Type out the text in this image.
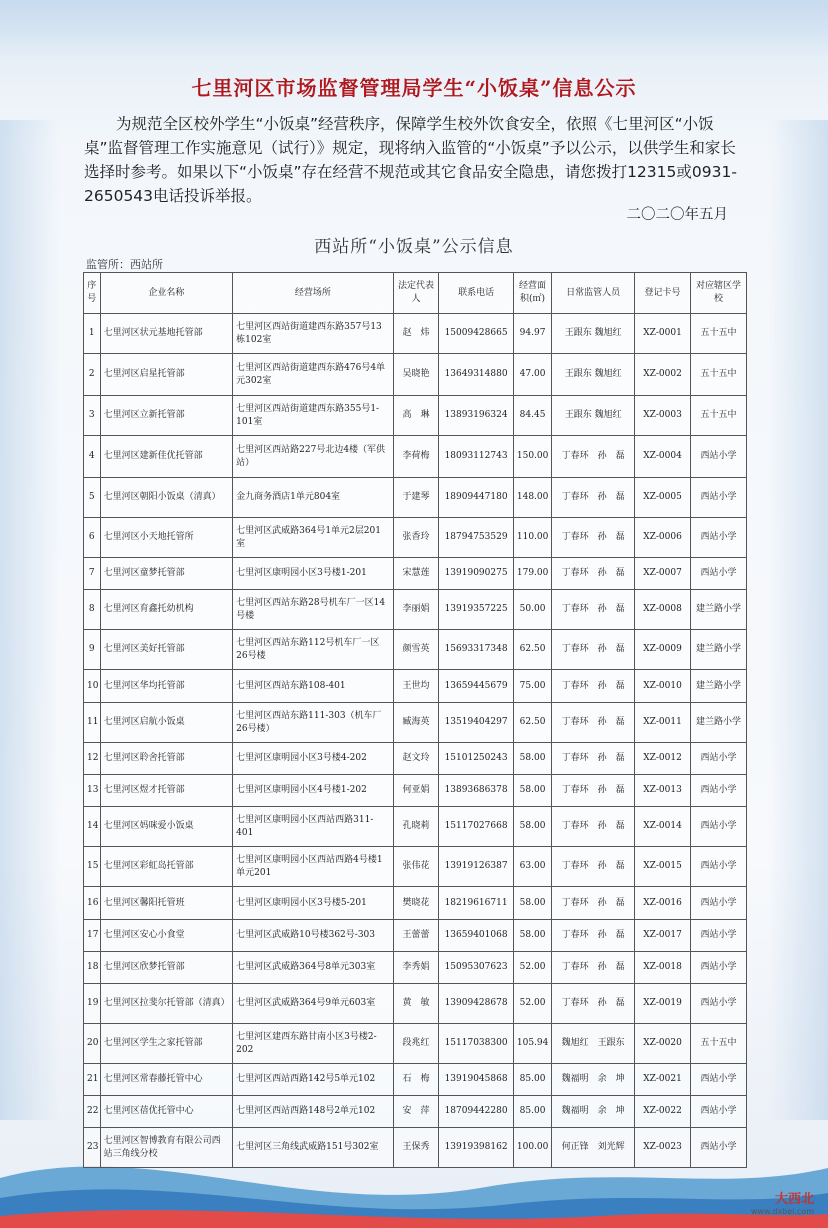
七里河区市场监督管理局学生“小饭桌”信息公示
为规范全区校外学生“小饭桌”经营秩序，保障学生校外饮食安全，依照《七里河区“小饭桌”监督管理工作实施意见（试行）》规定，现将纳入监管的“小饭桌”予以公示，以供学生和家长选择时参考。如果以下“小饭桌”存在经营不规范或其它食品安全隐患，请您拨打12315或0931-2650543电话投诉举报。
二〇二〇年五月
西站所“小饭桌”公示信息
监管所：西站所
序号	企业名称	经营场所	法定代表人	联系电话	经营面积(㎡)	日常监管人员	登记卡号	对应辖区学校
1	七里河区状元基地托管部	七里河区西站街道建西东路357号13栋102室	赵　炜	15009428665	94.97	王跟东 魏旭红	XZ-0001	五十五中
2	七里河区启星托管部	七里河区西站街道建西东路476号4单元302室	吴晓艳	13649314880	47.00	王跟东 魏旭红	XZ-0002	五十五中
3	七里河区立新托管部	七里河区西站街道建西东路355号1-101室	高　琳	13893196324	84.45	王跟东 魏旭红	XZ-0003	五十五中
4	七里河区建新佳优托管部	七里河区西站路227号北边4楼（军供站）	李荷梅	18093112743	150.00	丁春环　孙　磊	XZ-0004	西站小学
5	七里河区朝阳小饭桌（清真）	金九商务酒店1单元804室	于建琴	18909447180	148.00	丁春环　孙　磊	XZ-0005	西站小学
6	七里河区小天地托管所	七里河区武威路364号1单元2层201室	张香玲	18794753529	110.00	丁春环　孙　磊	XZ-0006	西站小学
7	七里河区童梦托管部	七里河区康明园小区3号楼1-201	宋慧莲	13919090275	179.00	丁春环　孙　磊	XZ-0007	西站小学
8	七里河区育鑫托幼机构	七里河区西站东路28号机车厂一区14号楼	李丽娟	13919357225	50.00	丁春环　孙　磊	XZ-0008	建兰路小学
9	七里河区美好托管部	七里河区西站东路112号机车厂一区26号楼	颜雪英	15693317348	62.50	丁春环　孙　磊	XZ-0009	建兰路小学
10	七里河区华均托管部	七里河区西站东路108-401	王世均	13659445679	75.00	丁春环　孙　磊	XZ-0010	建兰路小学
11	七里河区启航小饭桌	七里河区西站东路111-303（机车厂26号楼）	臧海英	13519404297	62.50	丁春环　孙　磊	XZ-0011	建兰路小学
12	七里河区聆舍托管部	七里河区康明园小区3号楼4-202	赵文玲	15101250243	58.00	丁春环　孙　磊	XZ-0012	西站小学
13	七里河区煜才托管部	七里河区康明园小区4号楼1-202	何亚娟	13893686378	58.00	丁春环　孙　磊	XZ-0013	西站小学
14	七里河区妈咪爱小饭桌	七里河区康明园小区西站西路311-401	孔晓莉	15117027668	58.00	丁春环　孙　磊	XZ-0014	西站小学
15	七里河区彩虹岛托管部	七里河区康明园小区西站西路4号楼1单元201	张伟花	13919126387	63.00	丁春环　孙　磊	XZ-0015	西站小学
16	七里河区馨阳托管班	七里河区康明园小区3号楼5-201	樊晓花	18219616711	58.00	丁春环　孙　磊	XZ-0016	西站小学
17	七里河区安心小食堂	七里河区武威路10号楼362号-303	王蕾蕾	13659401068	58.00	丁春环　孙　磊	XZ-0017	西站小学
18	七里河区欣梦托管部	七里河区武威路364号8单元303室	李秀娟	15095307623	52.00	丁春环　孙　磊	XZ-0018	西站小学
19	七里河区拉斐尔托管部（清真）	七里河区武威路364号9单元603室	黄　敏	13909428678	52.00	丁春环　孙　磊	XZ-0019	西站小学
20	七里河区学生之家托管部	七里河区建西东路甘南小区3号楼2-202	段兆红	15117038300	105.94	魏旭红　王跟东	XZ-0020	五十五中
21	七里河区常春藤托管中心	七里河区西站西路142号5单元102	石　梅	13919045868	85.00	魏福明　余　坤	XZ-0021	西站小学
22	七里河区蓓优托管中心	七里河区西站西路148号2单元102	安　萍	18709442280	85.00	魏福明　余　坤	XZ-0022	西站小学
23	七里河区智博教育有限公司西站三角线分校	七里河区三角线武威路151号302室	王保秀	13919398162	100.00	何正锋　刘光辉	XZ-0023	西站小学
大西北
www.dxbei.com
